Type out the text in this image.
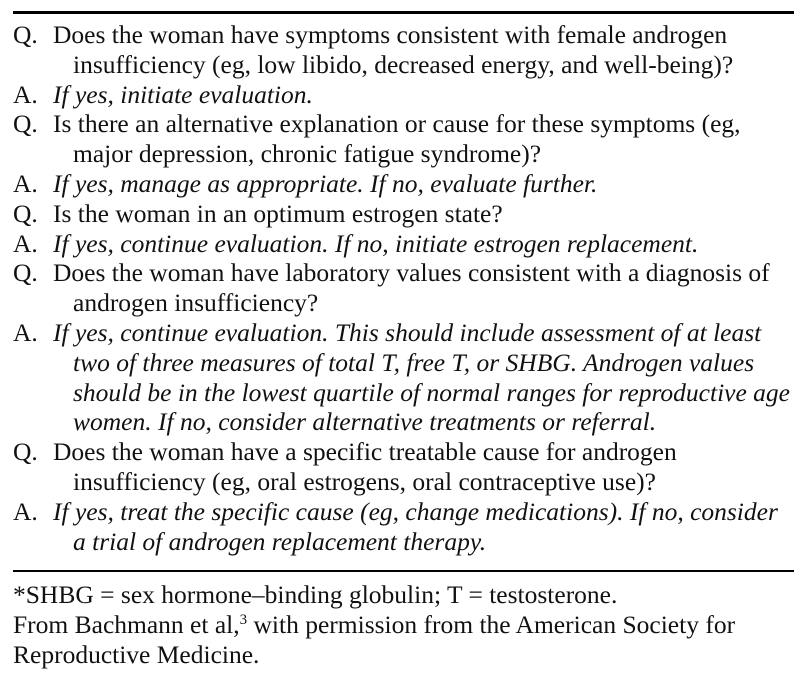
Q. Does the woman have symptoms consistent with female androgen insufficiency (eg, low libido, decreased energy, and well-being)?
A. If yes, initiate evaluation.
Q. Is there an alternative explanation or cause for these symptoms (eg, major depression, chronic fatigue syndrome)?
A. If yes, manage as appropriate. If no, evaluate further.
Q. Is the woman in an optimum estrogen state?
A. If yes, continue evaluation. If no, initiate estrogen replacement.
Q. Does the woman have laboratory values consistent with a diagnosis of androgen insufficiency?
A. If yes, continue evaluation. This should include assessment of at least two of three measures of total T, free T, or SHBG. Androgen values should be in the lowest quartile of normal ranges for reproductive age women. If no, consider alternative treatments or referral.
Q. Does the woman have a specific treatable cause for androgen insufficiency (eg, oral estrogens, oral contraceptive use)?
A. If yes, treat the specific cause (eg, change medications). If no, consider a trial of androgen replacement therapy.

*SHBG = sex hormone–binding globulin; T = testosterone.

From Bachmann et al,$^3$ with permission from the American Society for Reproductive Medicine.
